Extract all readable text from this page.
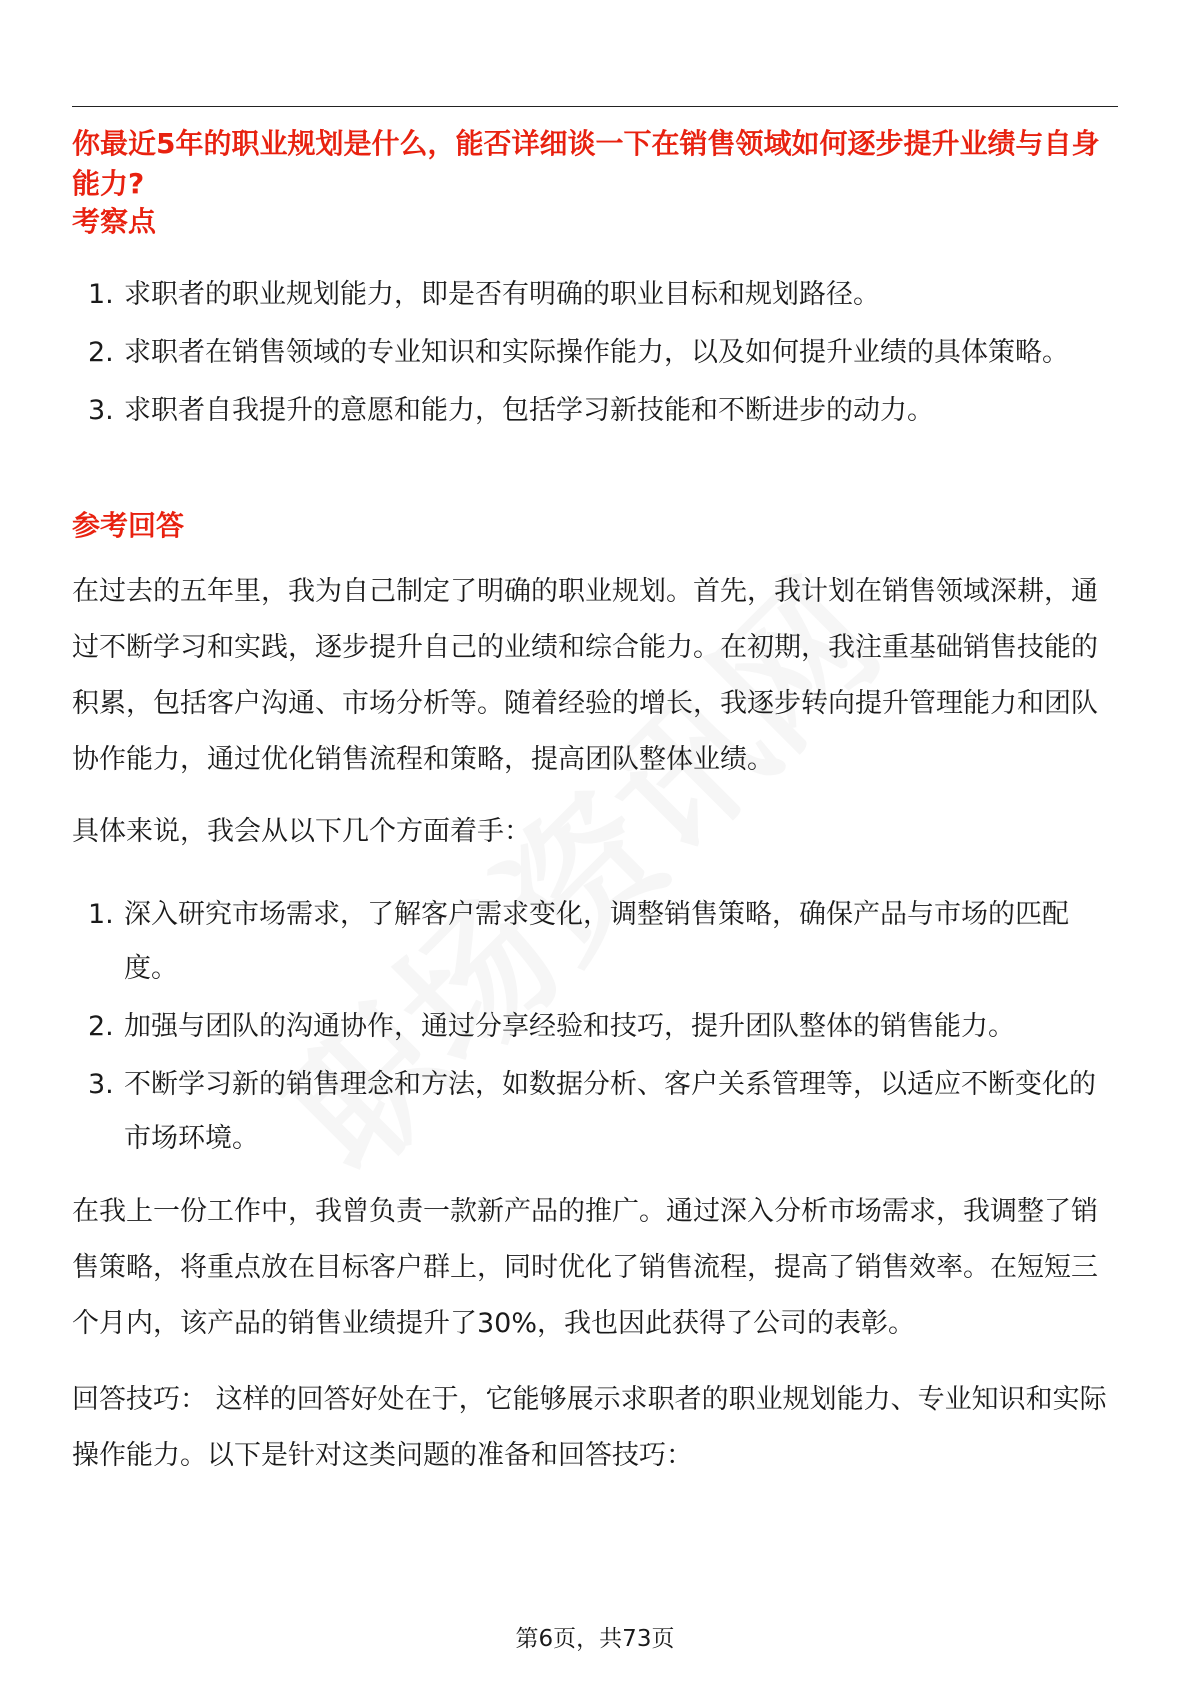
你最近5年的职业规划是什么，能否详细谈一下在销售领域如何逐步提升业绩与自身能力?
考察点
1. 求职者的职业规划能力，即是否有明确的职业目标和规划路径。
2. 求职者在销售领域的专业知识和实际操作能力，以及如何提升业绩的具体策略。
3. 求职者自我提升的意愿和能力，包括学习新技能和不断进步的动力。
参考回答

在过去的五年里，我为自己制定了明确的职业规划。首先，我计划在销售领域深耕，通过不断学习和实践，逐步提升自己的业绩和综合能力。在初期，我注重基础销售技能的积累，包括客户沟通、市场分析等。随着经验的增长，我逐步转向提升管理能力和团队协作能力，通过优化销售流程和策略，提高团队整体业绩。

具体来说，我会从以下几个方面着手：

1. 深入研究市场需求，了解客户需求变化，调整销售策略，确保产品与市场的匹配度。
2. 加强与团队的沟通协作，通过分享经验和技巧，提升团队整体的销售能力。
3. 不断学习新的销售理念和方法，如数据分析、客户关系管理等，以适应不断变化的市场环境。

在我上一份工作中，我曾负责一款新产品的推广。通过深入分析市场需求，我调整了销售策略，将重点放在目标客户群上，同时优化了销售流程，提高了销售效率。在短短三个月内，该产品的销售业绩提升了30%，我也因此获得了公司的表彰。

回答技巧： 这样的回答好处在于，它能够展示求职者的职业规划能力、专业知识和实际操作能力。以下是针对这类问题的准备和回答技巧：

第6页，共73页
